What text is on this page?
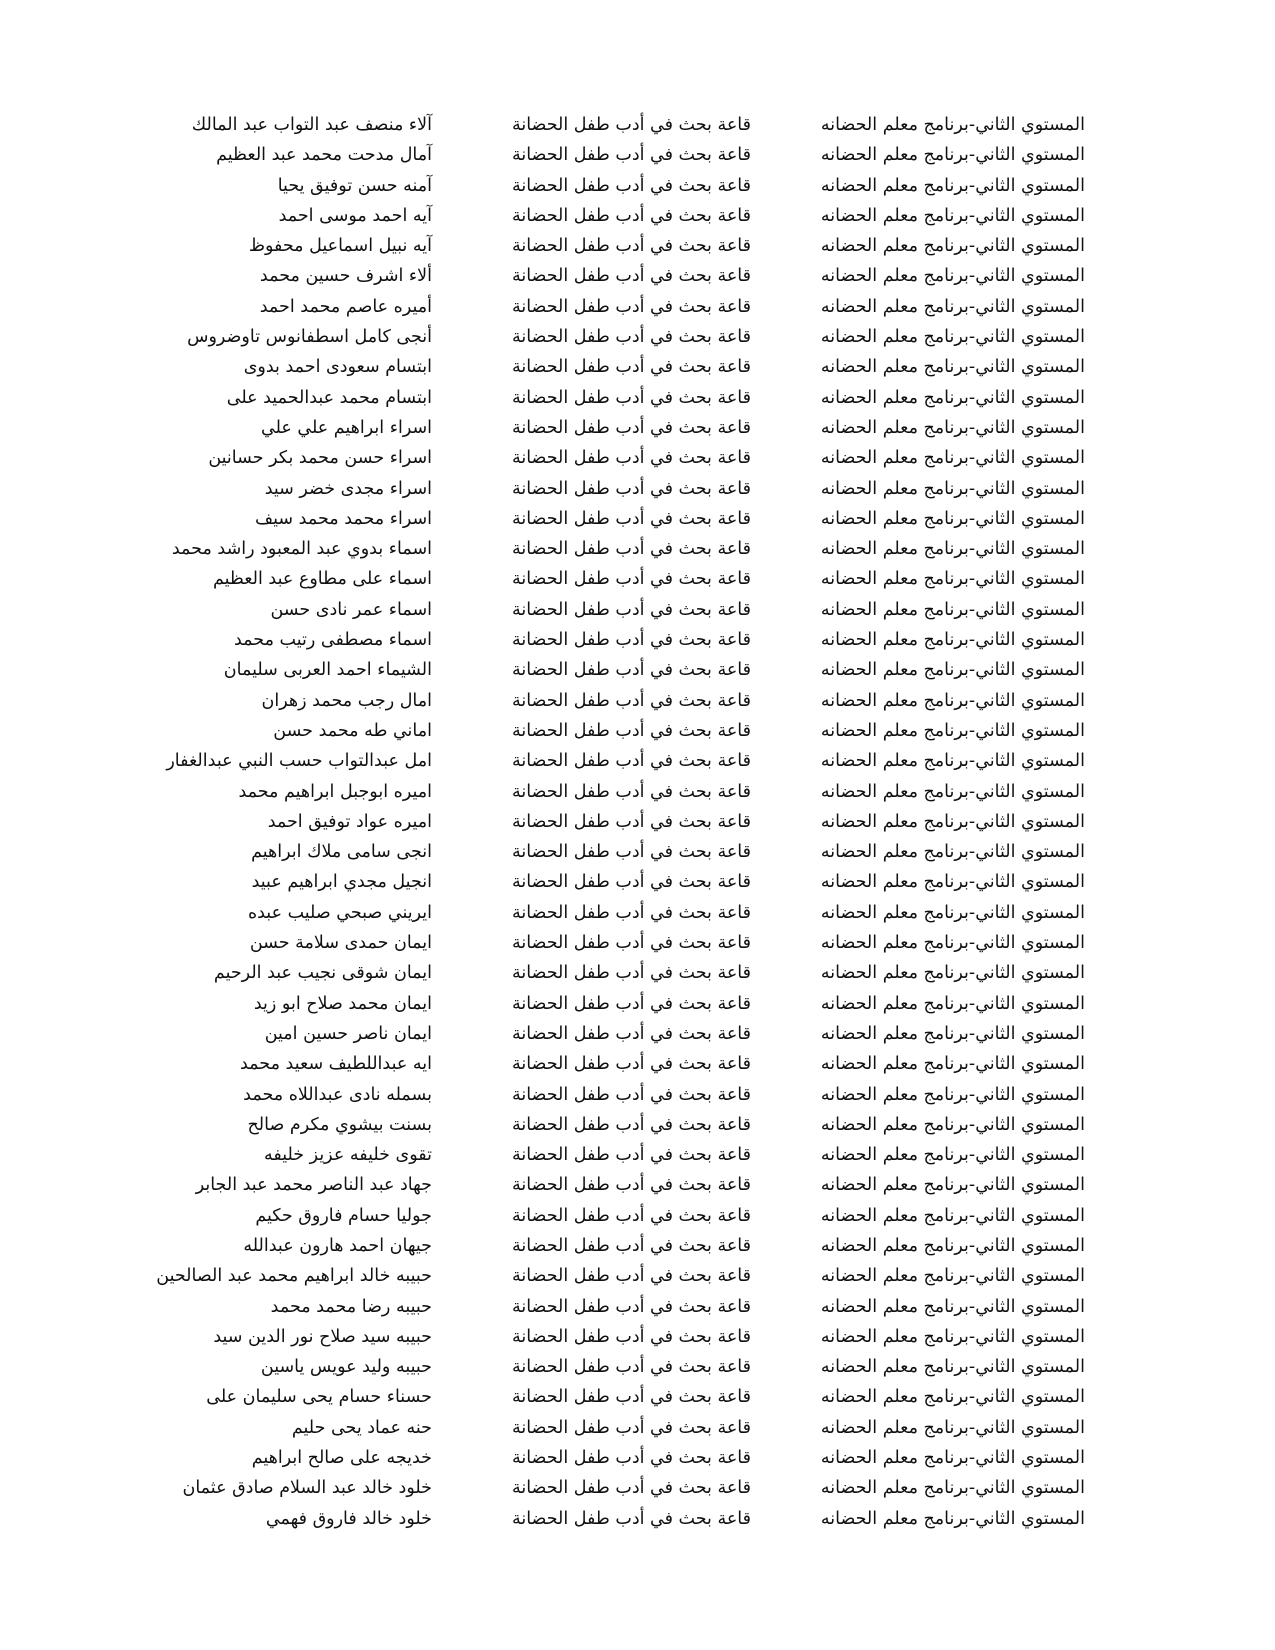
المستوي الثاني-برنامج معلم الحضانه
قاعة بحث في أدب طفل الحضانة
آلاء منصف عبد التواب عبد المالك
المستوي الثاني-برنامج معلم الحضانه
قاعة بحث في أدب طفل الحضانة
آمال مدحت محمد عبد العظيم
المستوي الثاني-برنامج معلم الحضانه
قاعة بحث في أدب طفل الحضانة
آمنه حسن توفيق يحيا
المستوي الثاني-برنامج معلم الحضانه
قاعة بحث في أدب طفل الحضانة
آيه احمد موسى احمد
المستوي الثاني-برنامج معلم الحضانه
قاعة بحث في أدب طفل الحضانة
آيه نبيل اسماعيل محفوظ
المستوي الثاني-برنامج معلم الحضانه
قاعة بحث في أدب طفل الحضانة
ألاء اشرف حسين محمد
المستوي الثاني-برنامج معلم الحضانه
قاعة بحث في أدب طفل الحضانة
أميره عاصم محمد احمد
المستوي الثاني-برنامج معلم الحضانه
قاعة بحث في أدب طفل الحضانة
أنجى كامل اسطفانوس تاوضروس
المستوي الثاني-برنامج معلم الحضانه
قاعة بحث في أدب طفل الحضانة
ابتسام سعودى احمد بدوى
المستوي الثاني-برنامج معلم الحضانه
قاعة بحث في أدب طفل الحضانة
ابتسام محمد عبدالحميد على
المستوي الثاني-برنامج معلم الحضانه
قاعة بحث في أدب طفل الحضانة
اسراء ابراهيم علي علي
المستوي الثاني-برنامج معلم الحضانه
قاعة بحث في أدب طفل الحضانة
اسراء حسن محمد بكر حسانين
المستوي الثاني-برنامج معلم الحضانه
قاعة بحث في أدب طفل الحضانة
اسراء مجدى خضر سيد
المستوي الثاني-برنامج معلم الحضانه
قاعة بحث في أدب طفل الحضانة
اسراء محمد محمد سيف
المستوي الثاني-برنامج معلم الحضانه
قاعة بحث في أدب طفل الحضانة
اسماء بدوي عبد المعبود راشد محمد
المستوي الثاني-برنامج معلم الحضانه
قاعة بحث في أدب طفل الحضانة
اسماء على مطاوع عبد العظيم
المستوي الثاني-برنامج معلم الحضانه
قاعة بحث في أدب طفل الحضانة
اسماء عمر نادى حسن
المستوي الثاني-برنامج معلم الحضانه
قاعة بحث في أدب طفل الحضانة
اسماء مصطفى رتيب محمد
المستوي الثاني-برنامج معلم الحضانه
قاعة بحث في أدب طفل الحضانة
الشيماء احمد العربى سليمان
المستوي الثاني-برنامج معلم الحضانه
قاعة بحث في أدب طفل الحضانة
امال رجب محمد زهران
المستوي الثاني-برنامج معلم الحضانه
قاعة بحث في أدب طفل الحضانة
اماني طه محمد حسن
المستوي الثاني-برنامج معلم الحضانه
قاعة بحث في أدب طفل الحضانة
امل عبدالتواب حسب النبي عبدالغفار
المستوي الثاني-برنامج معلم الحضانه
قاعة بحث في أدب طفل الحضانة
اميره ابوجبل ابراهيم محمد
المستوي الثاني-برنامج معلم الحضانه
قاعة بحث في أدب طفل الحضانة
اميره عواد توفيق احمد
المستوي الثاني-برنامج معلم الحضانه
قاعة بحث في أدب طفل الحضانة
انجى سامى ملاك ابراهيم
المستوي الثاني-برنامج معلم الحضانه
قاعة بحث في أدب طفل الحضانة
انجيل مجدي ابراهيم عبيد
المستوي الثاني-برنامج معلم الحضانه
قاعة بحث في أدب طفل الحضانة
ايريني صبحي صليب عبده
المستوي الثاني-برنامج معلم الحضانه
قاعة بحث في أدب طفل الحضانة
ايمان حمدى سلامة حسن
المستوي الثاني-برنامج معلم الحضانه
قاعة بحث في أدب طفل الحضانة
ايمان شوقى نجيب عبد الرحيم
المستوي الثاني-برنامج معلم الحضانه
قاعة بحث في أدب طفل الحضانة
ايمان محمد صلاح ابو زيد
المستوي الثاني-برنامج معلم الحضانه
قاعة بحث في أدب طفل الحضانة
ايمان ناصر حسين امين
المستوي الثاني-برنامج معلم الحضانه
قاعة بحث في أدب طفل الحضانة
ايه عبداللطيف سعيد محمد
المستوي الثاني-برنامج معلم الحضانه
قاعة بحث في أدب طفل الحضانة
بسمله نادى عبداللاه محمد
المستوي الثاني-برنامج معلم الحضانه
قاعة بحث في أدب طفل الحضانة
بسنت بيشوي مكرم صالح
المستوي الثاني-برنامج معلم الحضانه
قاعة بحث في أدب طفل الحضانة
تقوى خليفه عزيز خليفه
المستوي الثاني-برنامج معلم الحضانه
قاعة بحث في أدب طفل الحضانة
جهاد عبد الناصر محمد عبد الجابر
المستوي الثاني-برنامج معلم الحضانه
قاعة بحث في أدب طفل الحضانة
جوليا حسام فاروق حكيم
المستوي الثاني-برنامج معلم الحضانه
قاعة بحث في أدب طفل الحضانة
جيهان احمد هارون عبدالله
المستوي الثاني-برنامج معلم الحضانه
قاعة بحث في أدب طفل الحضانة
حبيبه خالد ابراهيم محمد عبد الصالحين
المستوي الثاني-برنامج معلم الحضانه
قاعة بحث في أدب طفل الحضانة
حبيبه رضا محمد محمد
المستوي الثاني-برنامج معلم الحضانه
قاعة بحث في أدب طفل الحضانة
حبيبه سيد صلاح نور الدين سيد
المستوي الثاني-برنامج معلم الحضانه
قاعة بحث في أدب طفل الحضانة
حبيبه وليد عويس ياسين
المستوي الثاني-برنامج معلم الحضانه
قاعة بحث في أدب طفل الحضانة
حسناء حسام يحى سليمان على
المستوي الثاني-برنامج معلم الحضانه
قاعة بحث في أدب طفل الحضانة
حنه عماد يحى حليم
المستوي الثاني-برنامج معلم الحضانه
قاعة بحث في أدب طفل الحضانة
خديجه على صالح ابراهيم
المستوي الثاني-برنامج معلم الحضانه
قاعة بحث في أدب طفل الحضانة
خلود خالد عبد السلام صادق عثمان
المستوي الثاني-برنامج معلم الحضانه
قاعة بحث في أدب طفل الحضانة
خلود خالد فاروق فهمي
